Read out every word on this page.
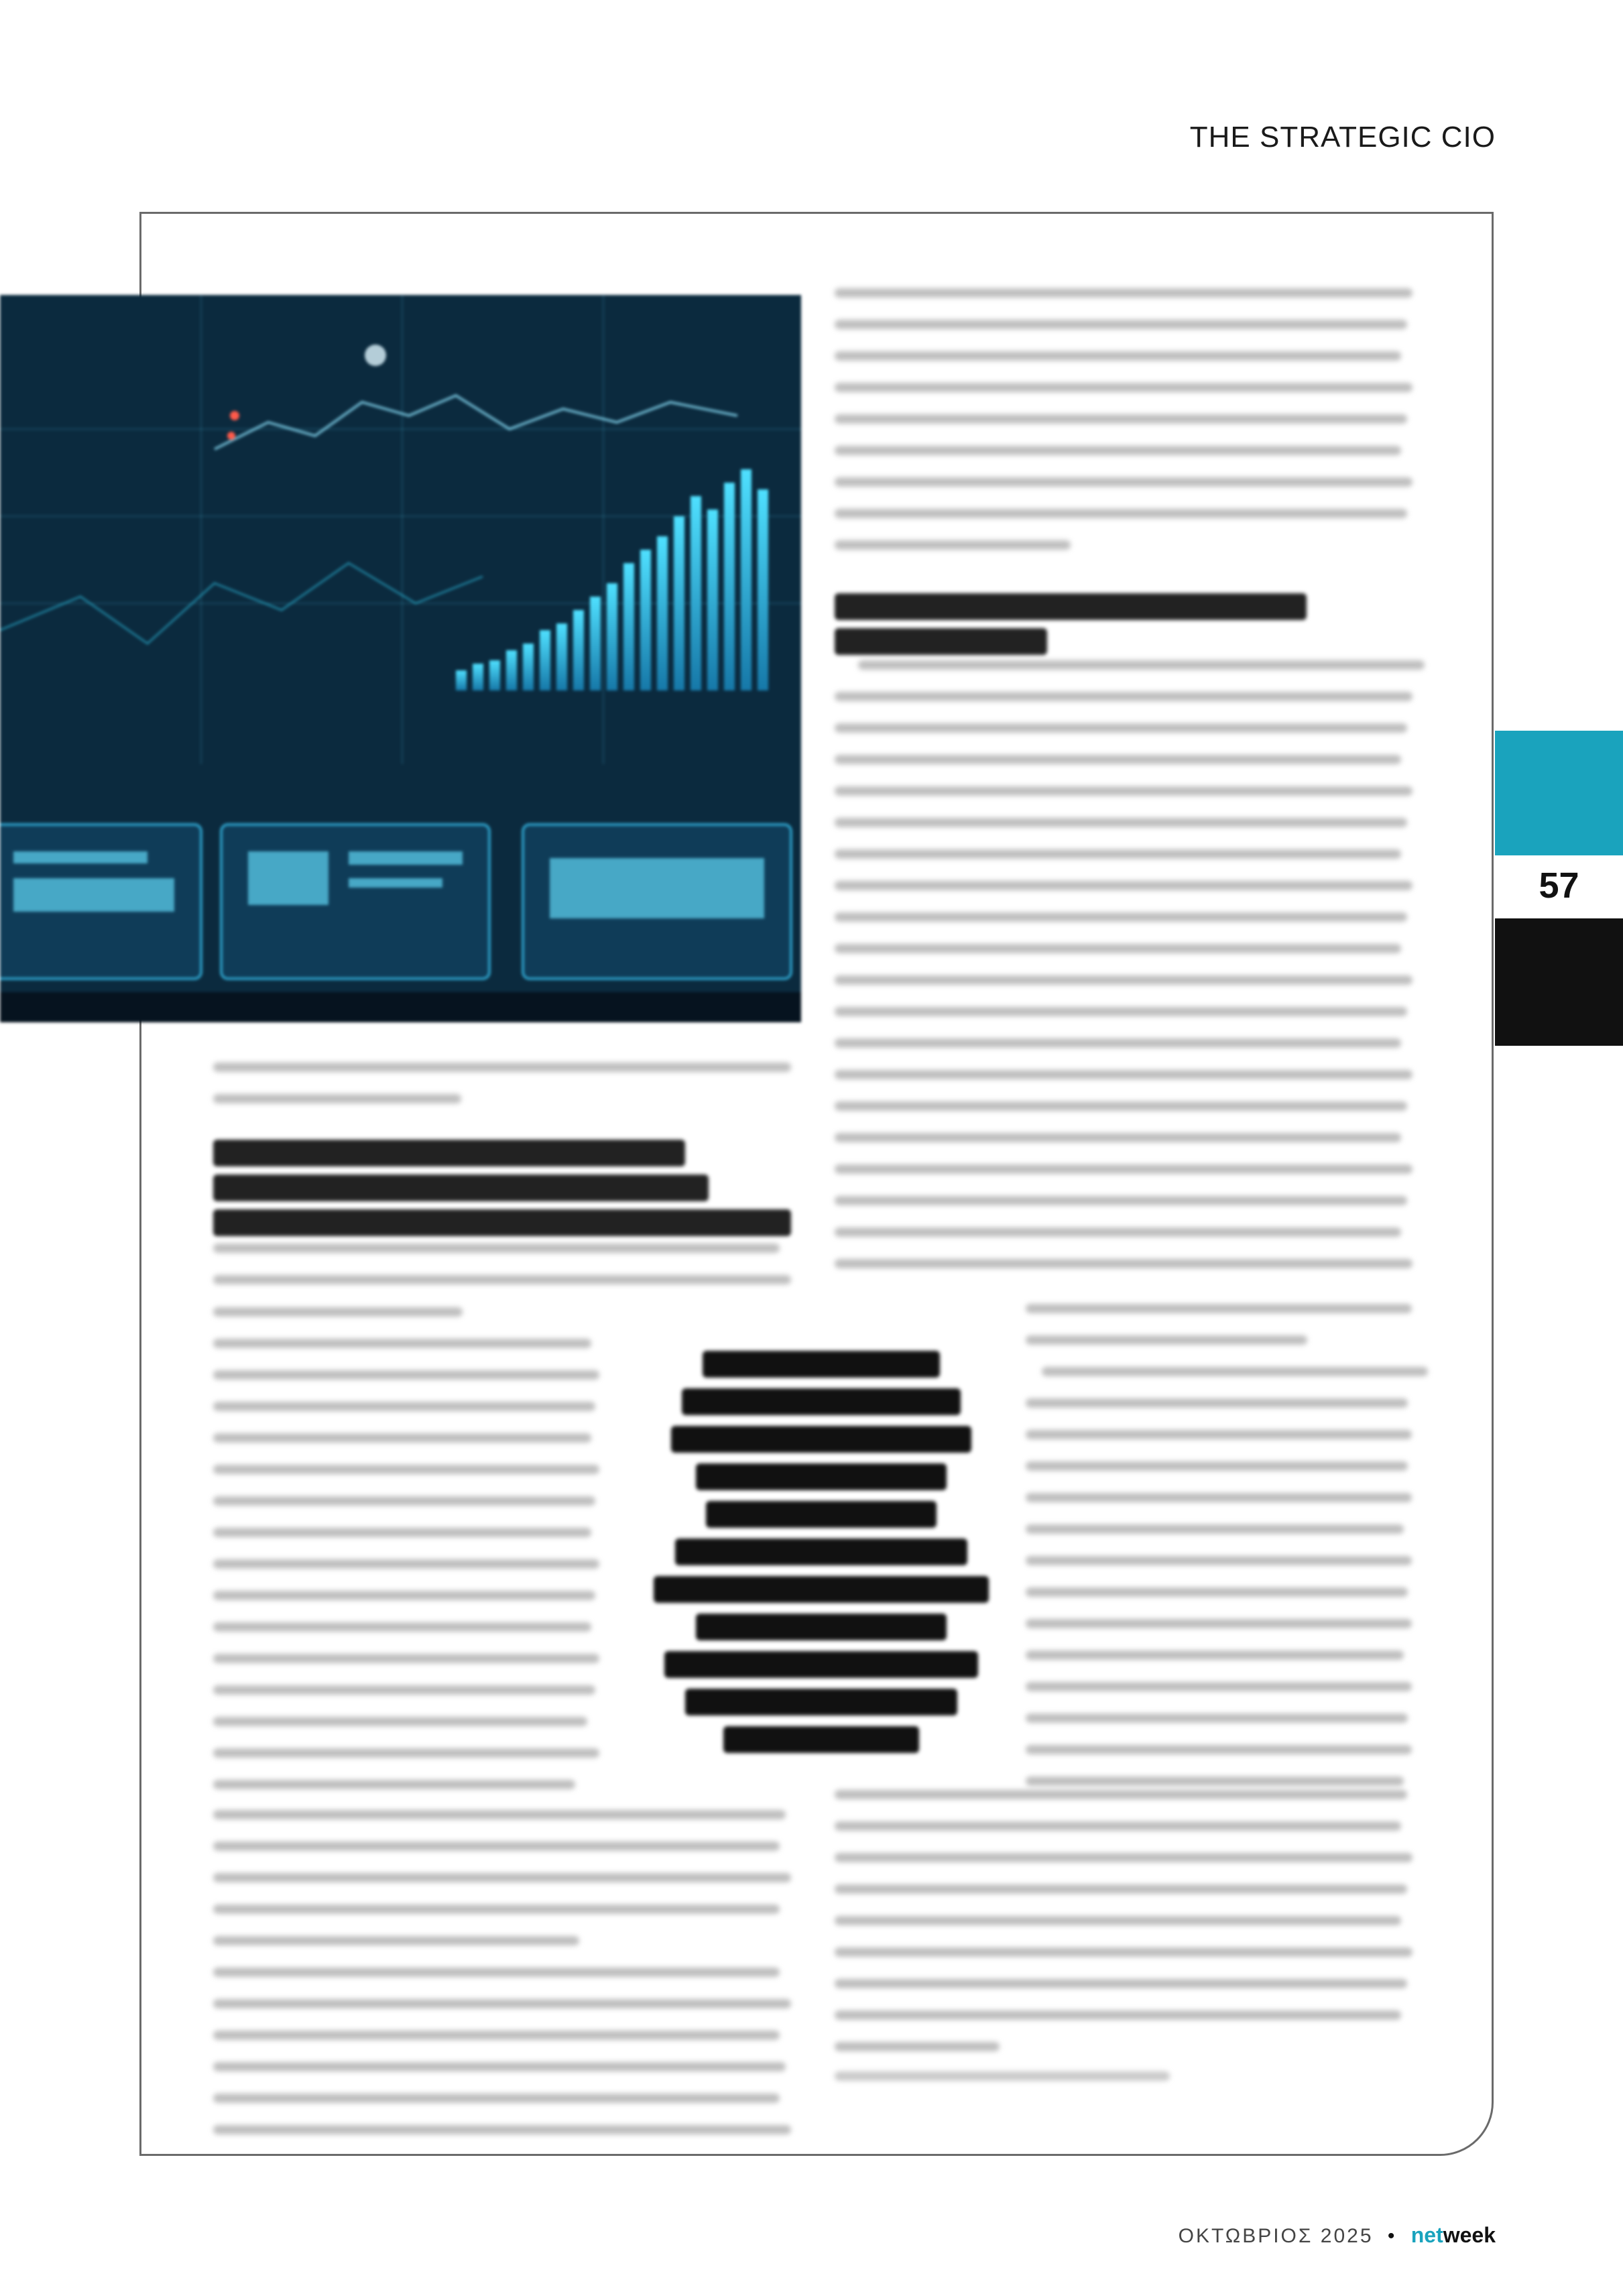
THE STRATEGIC CIO
57
ΟΚΤΩΒΡΙΟΣ 2025 • netweek
